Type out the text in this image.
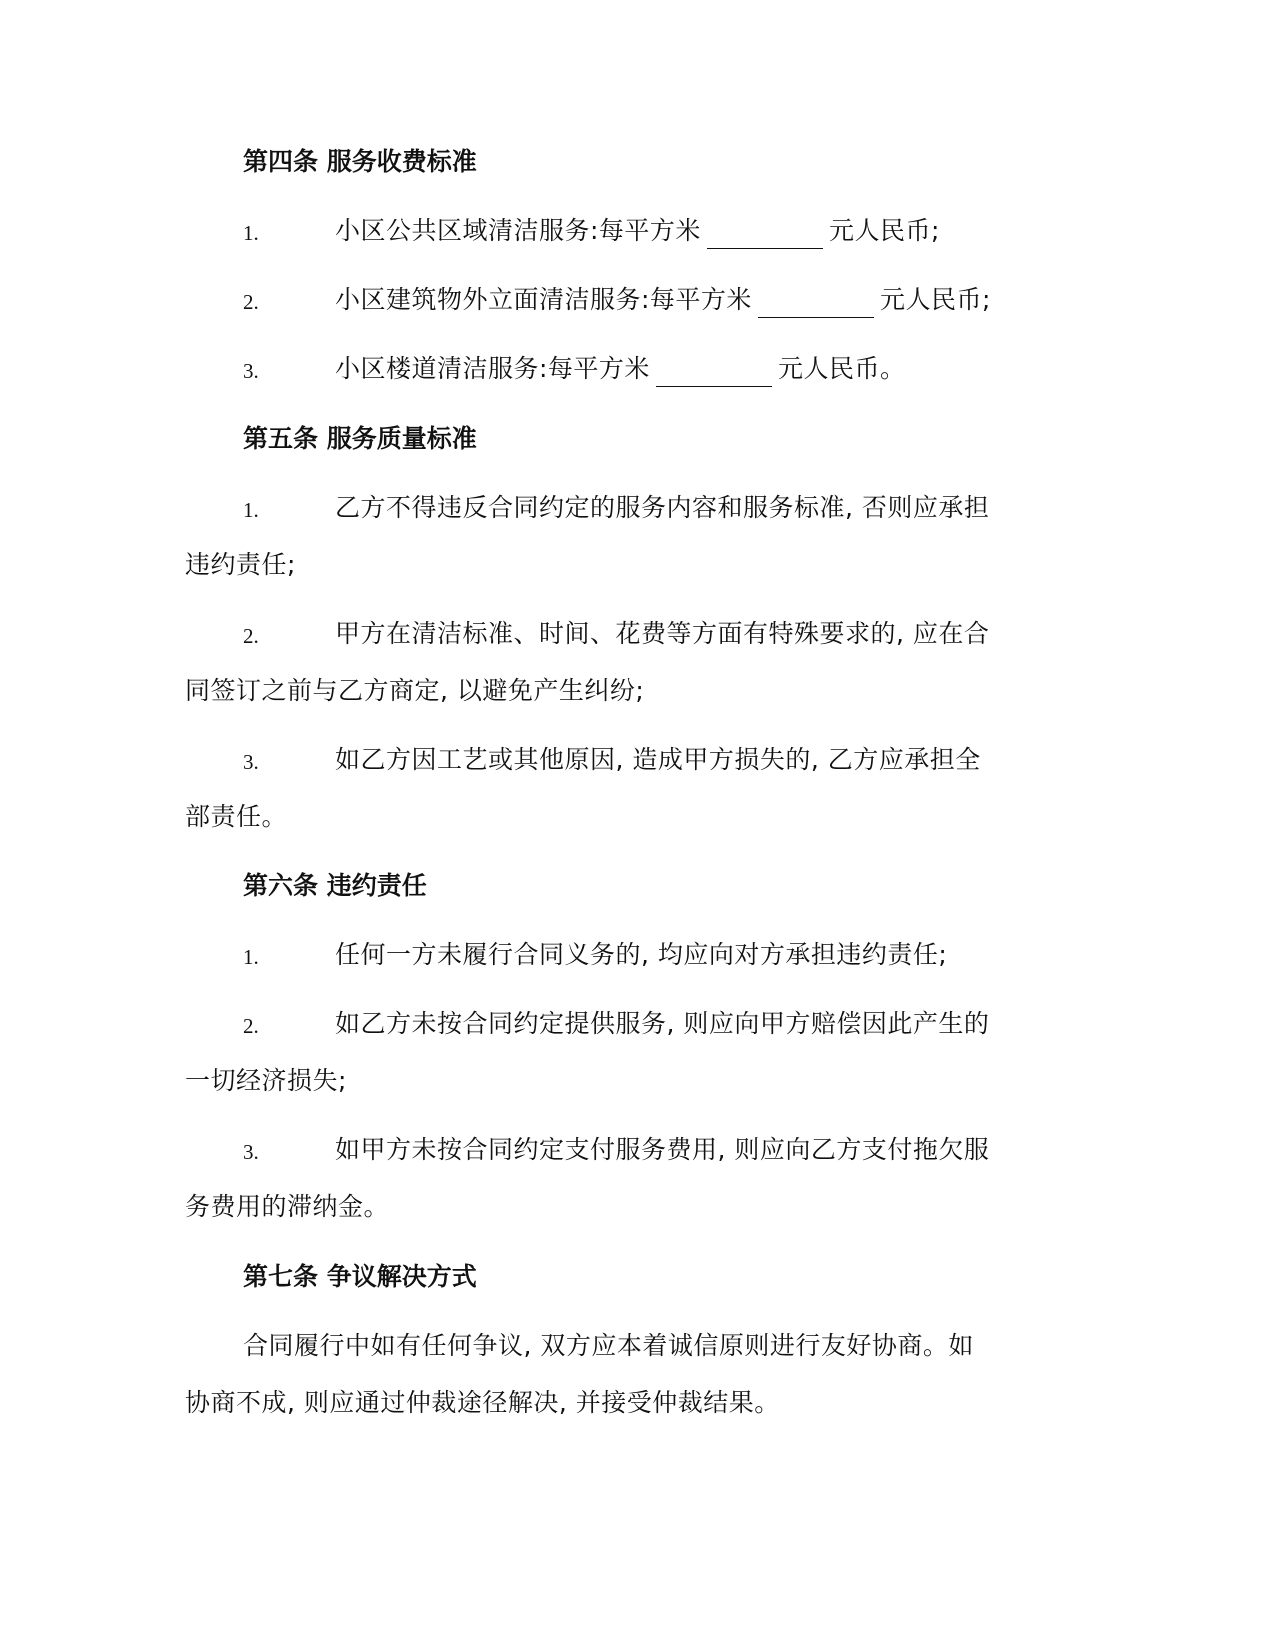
第四条 服务收费标准
1.	小区公共区域清洁服务:每平方米	元人民币;
2.	小区建筑物外立面清洁服务:每平方米	元人民币;
3.	小区楼道清洁服务:每平方米	元人民币。
第五条 服务质量标准
1.	乙方不得违反合同约定的服务内容和服务标准, 否则应承担
违约责任;
2.	甲方在清洁标准、时间、花费等方面有特殊要求的, 应在合
同签订之前与乙方商定, 以避免产生纠纷;
3.	如乙方因工艺或其他原因, 造成甲方损失的, 乙方应承担全
部责任。
第六条 违约责任
1.	任何一方未履行合同义务的, 均应向对方承担违约责任;
2.	如乙方未按合同约定提供服务, 则应向甲方赔偿因此产生的
一切经济损失;
3.	如甲方未按合同约定支付服务费用, 则应向乙方支付拖欠服
务费用的滞纳金。
第七条 争议解决方式
合同履行中如有任何争议, 双方应本着诚信原则进行友好协商。如
协商不成, 则应通过仲裁途径解决, 并接受仲裁结果。
